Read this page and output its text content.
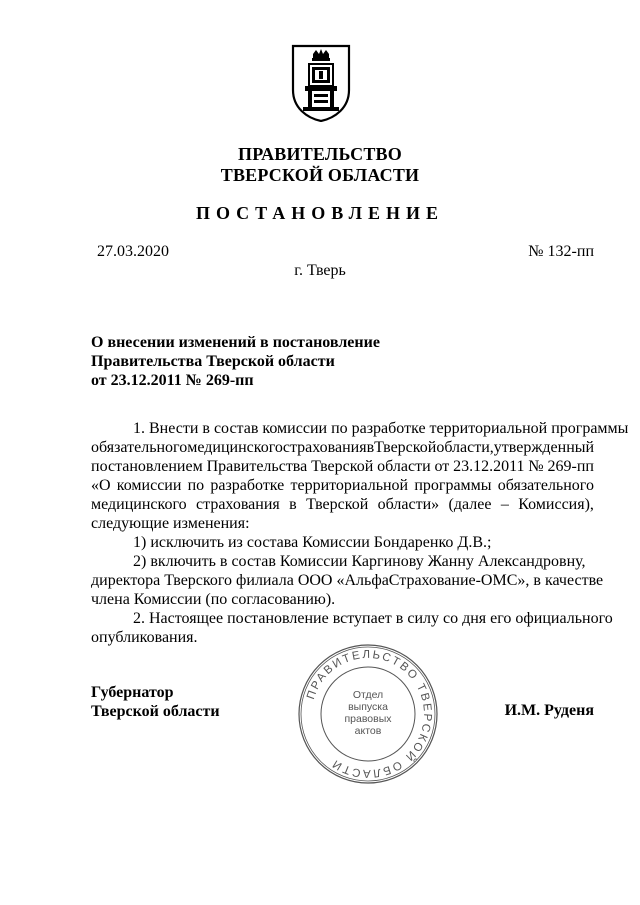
ПРАВИТЕЛЬСТВО
ТВЕРСКОЙ ОБЛАСТИ
ПОСТАНОВЛЕНИЕ
27.03.2020	№ 132-пп
г. Тверь
О внесении изменений в постановление
Правительства Тверской области
от 23.12.2011 № 269-пп
1. Внести в состав комиссии по разработке территориальной программы
обязательного медицинского страхования в Тверской области, утвержденный
постановлением Правительства Тверской области от 23.12.2011 № 269-пп
«О комиссии по разработке территориальной программы обязательного
медицинского страхования в Тверской области» (далее – Комиссия),
следующие изменения:
1) исключить из состава Комиссии Бондаренко Д.В.;
2) включить в состав Комиссии Каргинову Жанну Александровну,
директора Тверского филиала ООО «АльфаСтрахование-ОМС», в качестве
члена Комиссии (по согласованию).
2. Настоящее постановление вступает в силу со дня его официального
опубликования.
Губернатор
Тверской области	И.М. Руденя
ПРАВИТЕЛЬСТВО ТВЕРСКОЙ ОБЛАСТИ
Отдел
выпуска
правовых
актов
